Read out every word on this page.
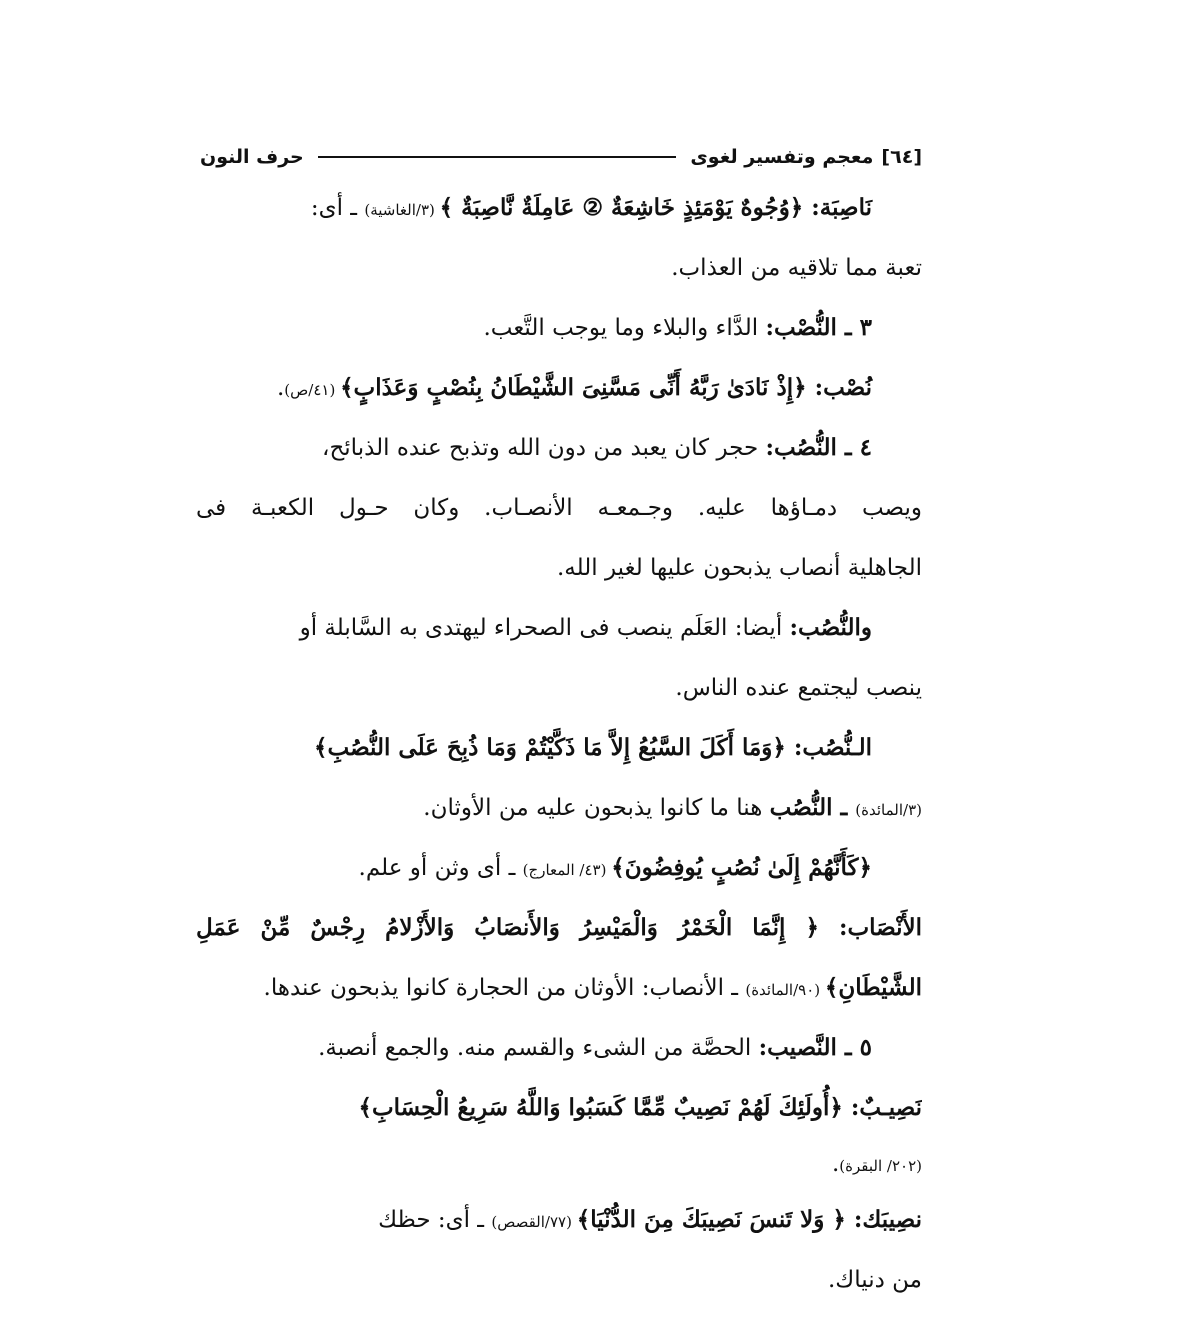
[٦٤]
معجم وتفسير لغوى
حرف النون
نَاصِبَة: ﴿وُجُوهٌ يَوْمَئِذٍ خَاشِعَةٌ ② عَامِلَةٌ نَّاصِبَةٌ ﴾ (٣/الغاشية) ـ أى:
تعبة مما تلاقيه من العذاب.
٣ ـ النُّصْب: الدَّاء والبلاء وما يوجب التَّعب.
نُصْب: ﴿إِذْ نَادَىٰ رَبَّهُ أَنِّى مَسَّنِىَ الشَّيْطَانُ بِنُصْبٍ وَعَذَابٍ﴾ (٤١/ص).
٤ ـ النُّصُب: حجر كان يعبد من دون الله وتذبح عنده الذبائح،
ويصب دمـاؤها عليه. وجـمعـه الأنصـاب. وكان حـول الكعبـة فى
الجاهلية أنصاب يذبحون عليها لغير الله.
والنُّصُب: أيضا: العَلَم ينصب فى الصحراء ليهتدى به السَّابلة أو
ينصب ليجتمع عنده الناس.
الـنُّصُب: ﴿وَمَا أَكَلَ السَّبُعُ إِلاَّ مَا ذَكَّيْتُمْ وَمَا ذُبِحَ عَلَى النُّصُبِ﴾
(٣/المائدة) ـ النُّصُب هنا ما كانوا يذبحون عليه من الأوثان.
﴿كَأَنَّهُمْ إِلَىٰ نُصُبٍ يُوفِضُونَ﴾ (٤٣/ المعارج) ـ أى وثن أو علم.
الأَنْصَاب: ﴿ إِنَّمَا الْخَمْرُ وَالْمَيْسِرُ وَالأَنصَابُ وَالأَزْلامُ رِجْسٌ مِّنْ عَمَلِ
الشَّيْطَانِ﴾ (٩٠/المائدة) ـ الأنصاب: الأوثان من الحجارة كانوا يذبحون عندها.
٥ ـ النَّصيب: الحصَّة من الشىء والقسم منه. والجمع أنصبة.
نَصِيـبٌ: ﴿أُولَئِكَ لَهُمْ نَصِيبٌ مِّمَّا كَسَبُوا وَاللَّهُ سَرِيعُ الْحِسَابِ﴾
(٢٠٢/ البقرة).
نصِيبَك: ﴿ وَلا تَنسَ نَصِيبَكَ مِنَ الدُّنْيَا﴾ (٧٧/القصص) ـ أى: حظك
من دنياك.
